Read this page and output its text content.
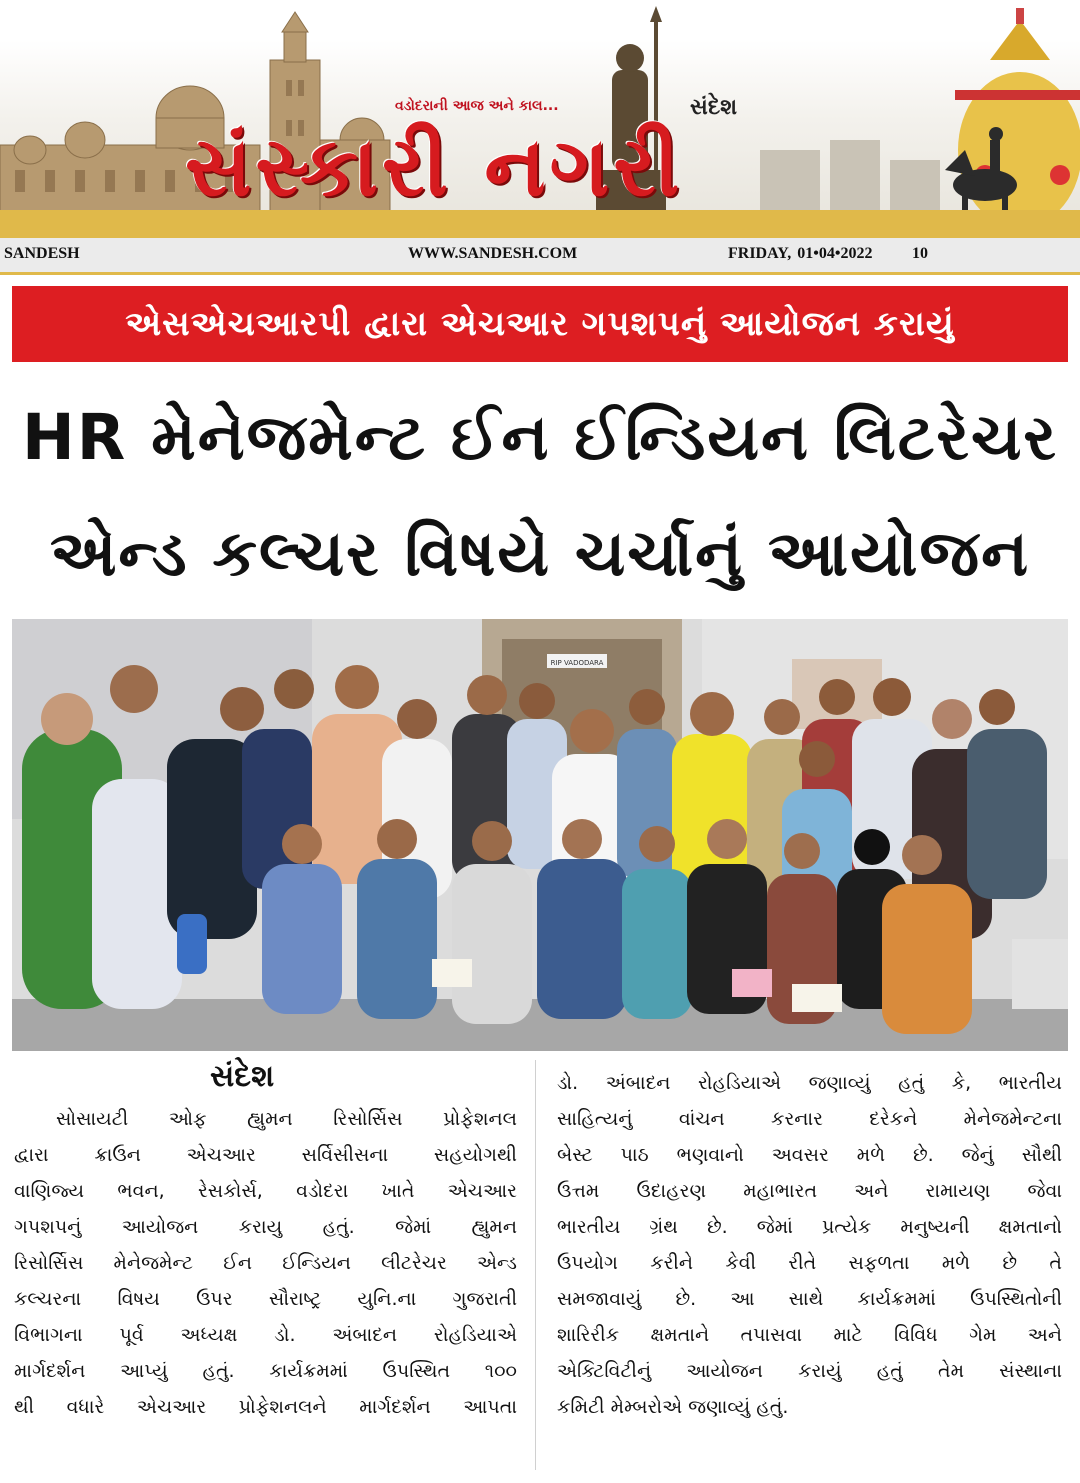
વડોદરાની આજ અને કાલ...	સંદેશ
સંસ્કારી નગરી
SANDESH	WWW.SANDESH.COM	FRIDAY, 01•04•2022 10
એસએચઆરપી દ્વારા એચઆર ગપશપનું આયોજન કરાયું
HR મેનેજમેન્ટ ઈન ઈન્ડિયન લિટરેચર
એન્ડ કલ્ચર વિષયે ચર્ચાનું આયોજન
RIP VADODARA
સંદેશ
સોસાયટી ઓફ હ્યુમન રિસોર્સિસ પ્રોફેશનલ
દ્વારા ક્રાઉન એચઆર સર્વિસીસના સહયોગથી
વાણિજ્ય ભવન, રેસકોર્સ, વડોદરા ખાતે એચઆર
ગપશપનું આયોજન કરાયુ હતું. જેમાં હ્યુમન
રિસોર્સિસ મેનેજમેન્ટ ઈન ઈન્ડિયન લીટરેચર એન્ડ
કલ્ચરના વિષય ઉપર સૌરાષ્ટ્ર યુનિ.ના ગુજરાતી
વિભાગના પૂર્વ અધ્યક્ષ ડો. અંબાદન રોહડિયાએ
માર્ગદર્શન આપ્યું હતું. કાર્યક્રમમાં ઉપસ્થિત ૧૦૦
થી વધારે એચઆર પ્રોફેશનલને માર્ગદર્શન આપતા
ડો. અંબાદન રોહડિયાએ જણાવ્યું હતું કે, ભારતીય
સાહિત્યનું વાંચન કરનાર દરેકને મેનેજમેન્ટના
બેસ્ટ પાઠ ભણવાનો અવસર મળે છે. જેનું સૌથી
ઉત્તમ ઉદાહરણ મહાભારત અને રામાયણ જેવા
ભારતીય ગ્રંથ છે. જેમાં પ્રત્યેક મનુષ્યની ક્ષમતાનો
ઉપયોગ કરીને કેવી રીતે સફળતા મળે છે તે
સમજાવાયું છે. આ સાથે કાર્યક્રમમાં ઉપસ્થિતોની
શારિરીક ક્ષમતાને તપાસવા માટે વિવિધ ગેમ અને
એક્ટિવિટીનું આયોજન કરાયું હતું તેમ સંસ્થાના
કમિટી મેમ્બરોએ જણાવ્યું હતું.
